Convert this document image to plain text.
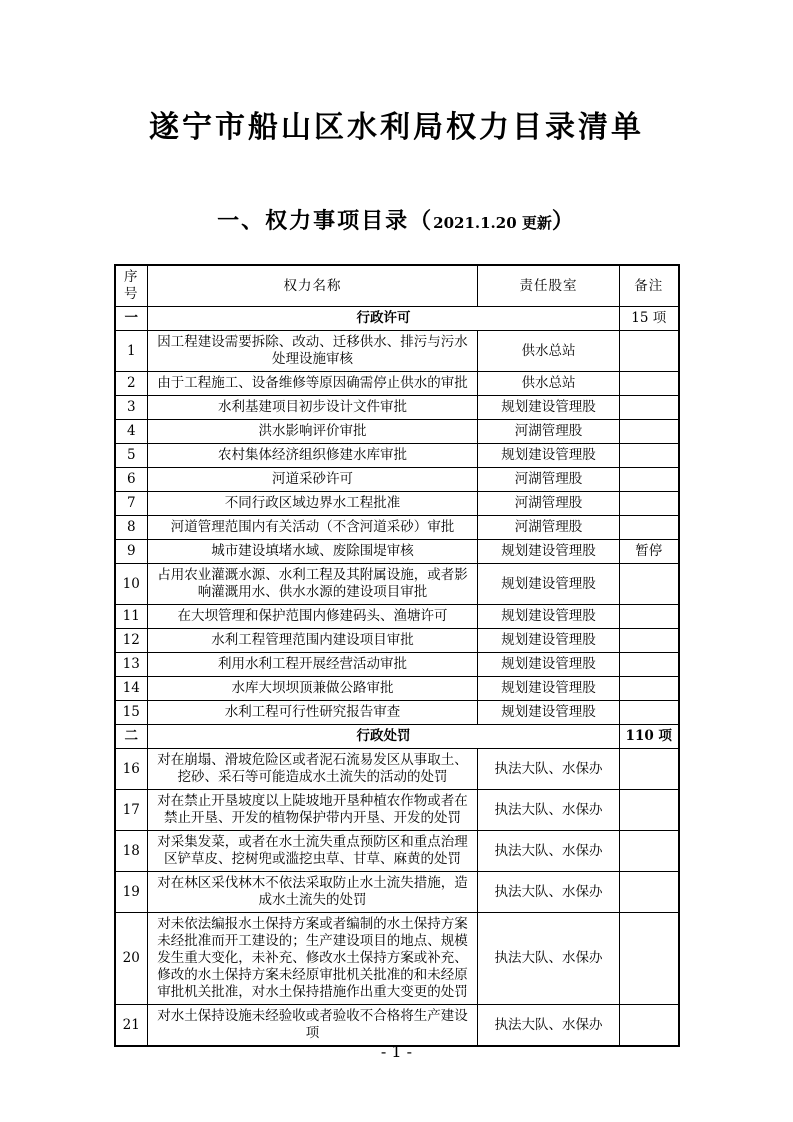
遂宁市船山区水利局权力目录清单
一、权力事项目录（2021.1.20 更新）
序号	权力名称	责任股室	备注
一	行政许可		15 项
1	因工程建设需要拆除、改动、迁移供水、排污与污水处理设施审核	供水总站	
2	由于工程施工、设备维修等原因确需停止供水的审批	供水总站	
3	水利基建项目初步设计文件审批	规划建设管理股	
4	洪水影响评价审批	河湖管理股	
5	农村集体经济组织修建水库审批	规划建设管理股	
6	河道采砂许可	河湖管理股	
7	不同行政区域边界水工程批准	河湖管理股	
8	河道管理范围内有关活动（不含河道采砂）审批	河湖管理股	
9	城市建设填堵水域、废除围堤审核	规划建设管理股	暂停
10	占用农业灌溉水源、水利工程及其附属设施，或者影响灌溉用水、供水水源的建设项目审批	规划建设管理股	
11	在大坝管理和保护范围内修建码头、渔塘许可	规划建设管理股	
12	水利工程管理范围内建设项目审批	规划建设管理股	
13	利用水利工程开展经营活动审批	规划建设管理股	
14	水库大坝坝顶兼做公路审批	规划建设管理股	
15	水利工程可行性研究报告审查	规划建设管理股	
二	行政处罚		110 项
16	对在崩塌、滑坡危险区或者泥石流易发区从事取土、挖砂、采石等可能造成水土流失的活动的处罚	执法大队、水保办	
17	对在禁止开垦坡度以上陡坡地开垦种植农作物或者在禁止开垦、开发的植物保护带内开垦、开发的处罚	执法大队、水保办	
18	对采集发菜，或者在水土流失重点预防区和重点治理区铲草皮、挖树兜或滥挖虫草、甘草、麻黄的处罚	执法大队、水保办	
19	对在林区采伐林木不依法采取防止水土流失措施，造成水土流失的处罚	执法大队、水保办	
20	对未依法编报水土保持方案或者编制的水土保持方案未经批准而开工建设的；生产建设项目的地点、规模发生重大变化，未补充、修改水土保持方案或补充、修改的水土保持方案未经原审批机关批准的和未经原审批机关批准，对水土保持措施作出重大变更的处罚	执法大队、水保办	
21	对水土保持设施未经验收或者验收不合格将生产建设项	执法大队、水保办	
- 1 -
